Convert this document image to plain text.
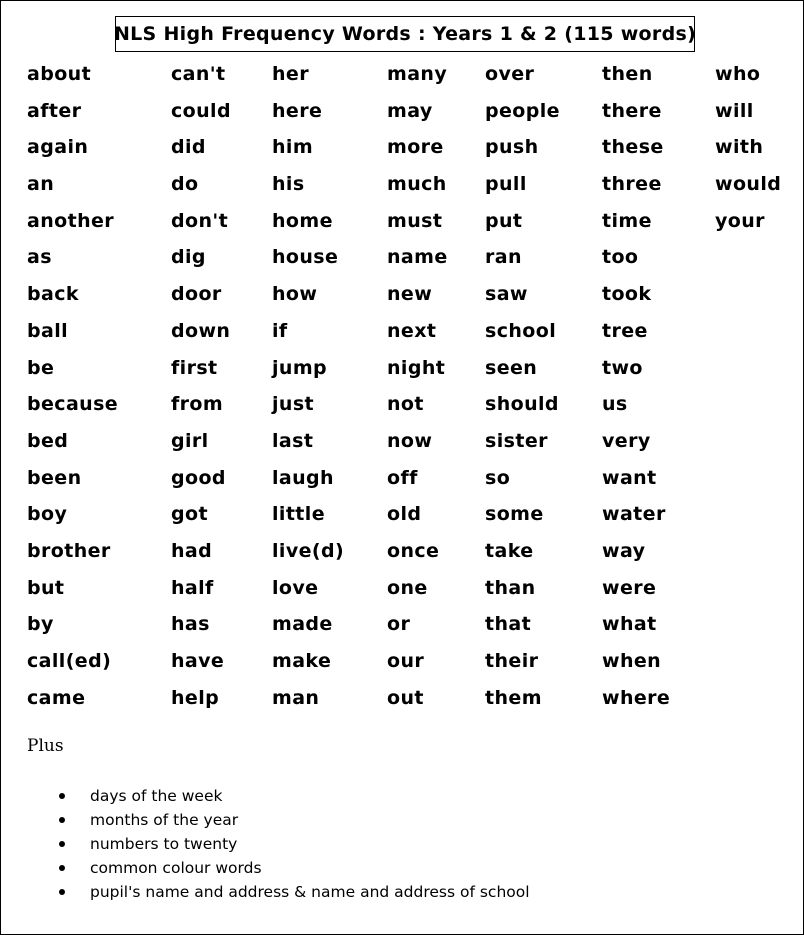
NLS High Frequency Words : Years 1 & 2 (115 words)
about
after
again
an
another
as
back
ball
be
because
bed
been
boy
brother
but
by
call(ed)
came
can't
could
did
do
don't
dig
door
down
first
from
girl
good
got
had
half
has
have
help
her
here
him
his
home
house
how
if
jump
just
last
laugh
little
live(d)
love
made
make
man
many
may
more
much
must
name
new
next
night
not
now
off
old
once
one
or
our
out
over
people
push
pull
put
ran
saw
school
seen
should
sister
so
some
take
than
that
their
them
then
there
these
three
time
too
took
tree
two
us
very
want
water
way
were
what
when
where
who
will
with
would
your
Plus
days of the week
months of the year
numbers to twenty
common colour words
pupil's name and address & name and address of school
